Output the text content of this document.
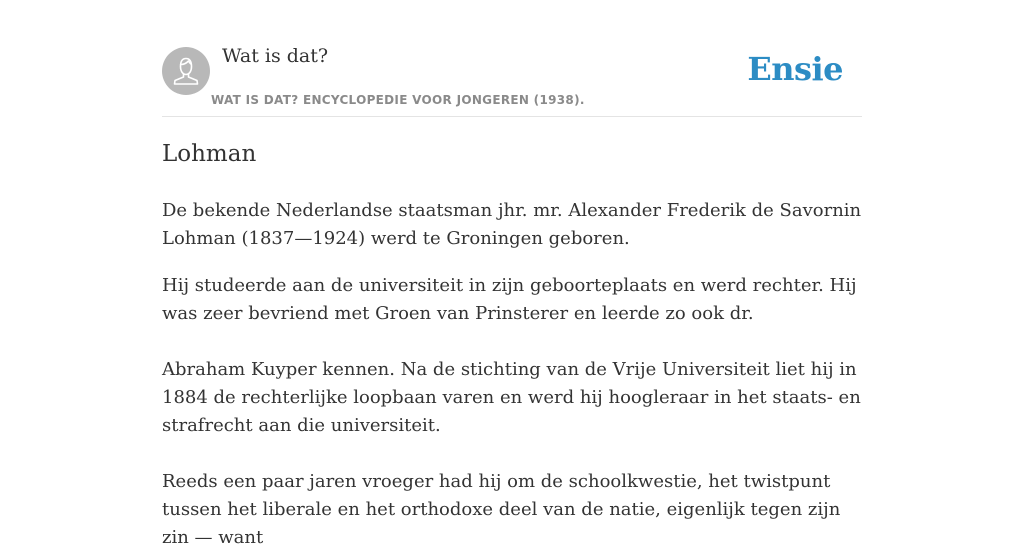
Wat is dat?
WAT IS DAT? ENCYCLOPEDIE VOOR JONGEREN (1938).
Ensie
Lohman

De bekende Nederlandse staatsman jhr. mr. Alexander Frederik de Savornin Lohman (1837—1924) werd te Groningen geboren.

Hij studeerde aan de universiteit in zijn geboorteplaats en werd rechter. Hij was zeer bevriend met Groen van Prinsterer en leerde zo ook dr.

Abraham Kuyper kennen. Na de stichting van de Vrije Universiteit liet hij in 1884 de rechterlijke loopbaan varen en werd hij hoogleraar in het staats- en strafrecht aan die universiteit.

Reeds een paar jaren vroeger had hij om de schoolkwestie, het twistpunt tussen het liberale en het orthodoxe deel van de natie, eigenlijk tegen zijn zin — want
